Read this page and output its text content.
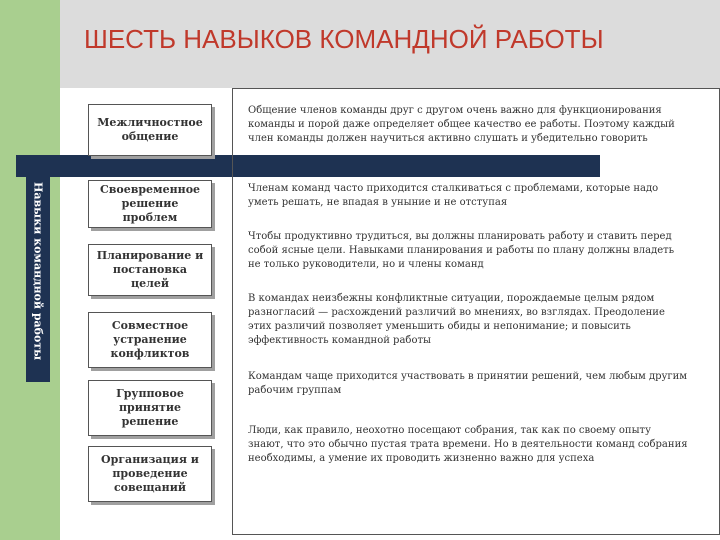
ШЕСТЬ НАВЫКОВ КОМАНДНОЙ РАБОТЫ
Навыки командной работы
Межличностное общение
Своевременное решение проблем
Планирование и постановка целей
Совместное устранение конфликтов
Групповое принятие решение
Организация и проведение совещаний

Общение членов команды друг с другом очень важно для функционирования команды и порой даже определяет общее качество ее работы. Поэтому каждый член команды должен научиться активно слушать и убедительно говорить

Членам команд часто приходится сталкиваться с проблемами, которые надо уметь решать, не впадая в уныние и не отступая

Чтобы продуктивно трудиться, вы должны планировать работу и ставить перед собой ясные цели. Навыками планирования и работы по плану должны владеть не только руководители, но и члены команд

В командах неизбежны конфликтные ситуации, порождаемые целым рядом разногласий — расхождений различий во мнениях, во взглядах. Преодоление этих различий позволяет уменьшить обиды и непонимание; и повысить эффективность командной работы

Командам чаще приходится участвовать в принятии решений, чем любым другим рабочим группам

Люди, как правило, неохотно посещают собрания, так как по своему опыту знают, что это обычно пустая трата времени. Но в деятельности команд собрания необходимы, а умение их проводить жизненно важно для успеха
